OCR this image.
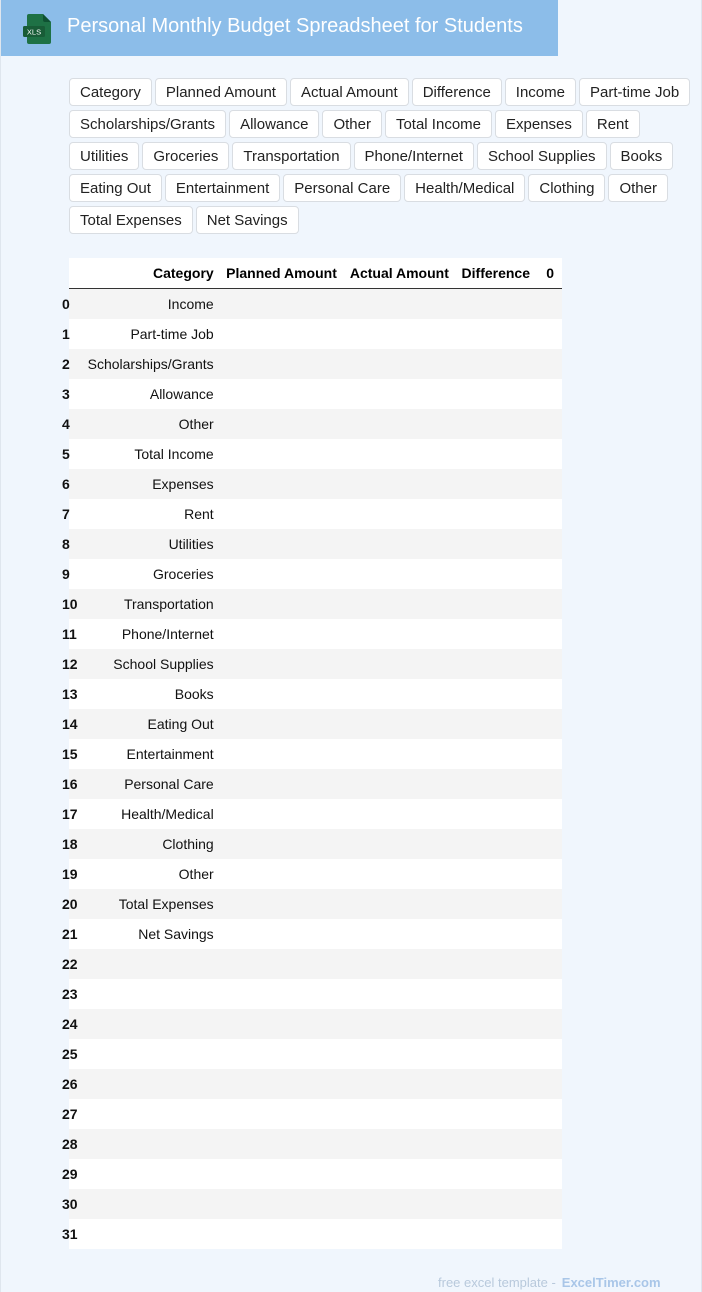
XLS Personal Monthly Budget Spreadsheet for Students
Category	Planned Amount	Actual Amount	Difference	Income	Part-time Job
Scholarships/Grants	Allowance	Other	Total Income	Expenses	Rent
Utilities	Groceries	Transportation	Phone/Internet	School Supplies	Books
Eating Out	Entertainment	Personal Care	Health/Medical	Clothing	Other
Total Expenses	Net Savings
	Category	Planned Amount	Actual Amount	Difference	0
0	Income				
1	Part-time Job				
2	Scholarships/Grants				
3	Allowance				
4	Other				
5	Total Income				
6	Expenses				
7	Rent				
8	Utilities				
9	Groceries				
10	Transportation				
11	Phone/Internet				
12	School Supplies				
13	Books				
14	Eating Out				
15	Entertainment				
16	Personal Care				
17	Health/Medical				
18	Clothing				
19	Other				
20	Total Expenses				
21	Net Savings				
22					
23					
24					
25					
26					
27					
28					
29					
30					
31					
free excel template - ExcelTimer.com
